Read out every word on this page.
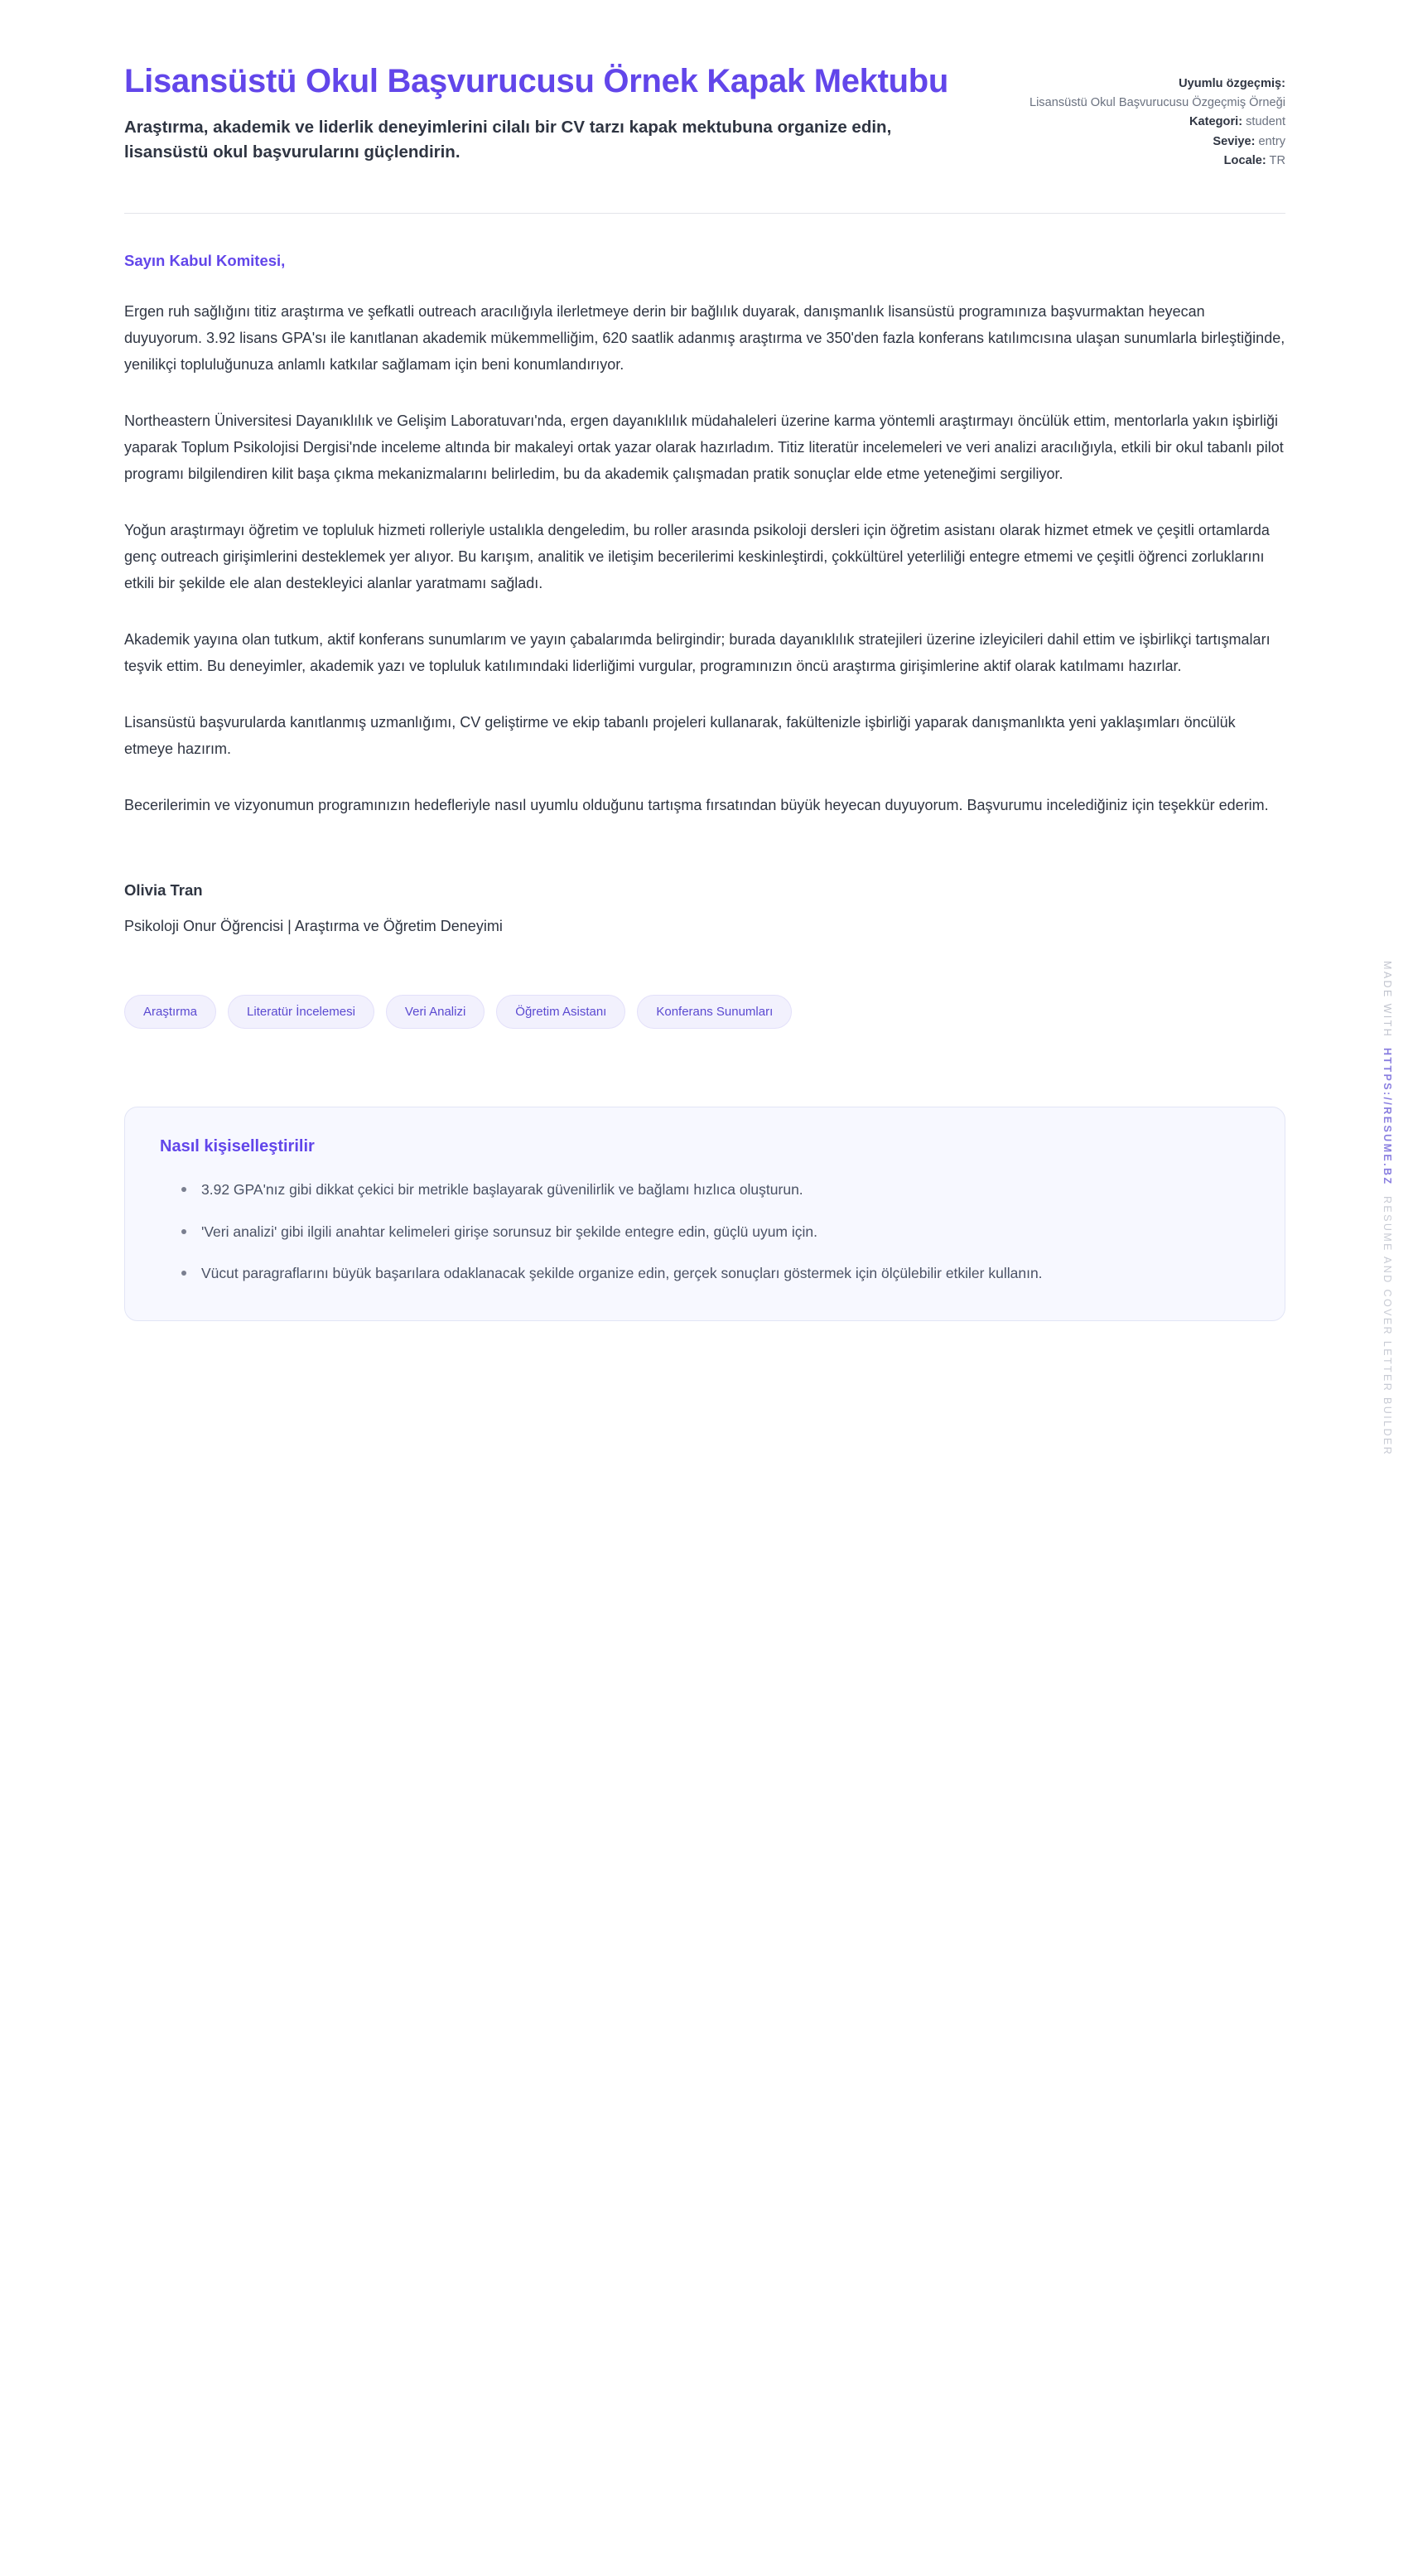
Lisansüstü Okul Başvurucusu Örnek Kapak Mektubu

Araştırma, akademik ve liderlik deneyimlerini cilalı bir CV tarzı kapak mektubuna organize edin, lisansüstü okul başvurularını güçlendirin.

Uyumlu özgeçmiş:
Lisansüstü Okul Başvurucusu Özgeçmiş Örneği
Kategori: student
Seviye: entry
Locale: TR

Sayın Kabul Komitesi,

Ergen ruh sağlığını titiz araştırma ve şefkatli outreach aracılığıyla ilerletmeye derin bir bağlılık duyarak, danışmanlık lisansüstü programınıza başvurmaktan heyecan duyuyorum. 3.92 lisans GPA'sı ile kanıtlanan akademik mükemmelliğim, 620 saatlik adanmış araştırma ve 350'den fazla konferans katılımcısına ulaşan sunumlarla birleştiğinde, yenilikçi topluluğunuza anlamlı katkılar sağlamam için beni konumlandırıyor.

Northeastern Üniversitesi Dayanıklılık ve Gelişim Laboratuvarı'nda, ergen dayanıklılık müdahaleleri üzerine karma yöntemli araştırmayı öncülük ettim, mentorlarla yakın işbirliği yaparak Toplum Psikolojisi Dergisi'nde inceleme altında bir makaleyi ortak yazar olarak hazırladım. Titiz literatür incelemeleri ve veri analizi aracılığıyla, etkili bir okul tabanlı pilot programı bilgilendiren kilit başa çıkma mekanizmalarını belirledim, bu da akademik çalışmadan pratik sonuçlar elde etme yeteneğimi sergiliyor.

Yoğun araştırmayı öğretim ve topluluk hizmeti rolleriyle ustalıkla dengeledim, bu roller arasında psikoloji dersleri için öğretim asistanı olarak hizmet etmek ve çeşitli ortamlarda genç outreach girişimlerini desteklemek yer alıyor. Bu karışım, analitik ve iletişim becerilerimi keskinleştirdi, çokkültürel yeterliliği entegre etmemi ve çeşitli öğrenci zorluklarını etkili bir şekilde ele alan destekleyici alanlar yaratmamı sağladı.

Akademik yayına olan tutkum, aktif konferans sunumlarım ve yayın çabalarımda belirgindir; burada dayanıklılık stratejileri üzerine izleyicileri dahil ettim ve işbirlikçi tartışmaları teşvik ettim. Bu deneyimler, akademik yazı ve topluluk katılımındaki liderliğimi vurgular, programınızın öncü araştırma girişimlerine aktif olarak katılmamı hazırlar.

Lisansüstü başvurularda kanıtlanmış uzmanlığımı, CV geliştirme ve ekip tabanlı projeleri kullanarak, fakültenizle işbirliği yaparak danışmanlıkta yeni yaklaşımları öncülük etmeye hazırım.

Becerilerimin ve vizyonumun programınızın hedefleriyle nasıl uyumlu olduğunu tartışma fırsatından büyük heyecan duyuyorum. Başvurumu incelediğiniz için teşekkür ederim.

Olivia Tran

Psikoloji Onur Öğrencisi | Araştırma ve Öğretim Deneyimi

Araştırma	Literatür İncelemesi	Veri Analizi	Öğretim Asistanı	Konferans Sunumları
Nasıl kişiselleştirilir
3.92 GPA'nız gibi dikkat çekici bir metrikle başlayarak güvenilirlik ve bağlamı hızlıca oluşturun.
'Veri analizi' gibi ilgili anahtar kelimeleri girişe sorunsuz bir şekilde entegre edin, güçlü uyum için.
Vücut paragraflarını büyük başarılara odaklanacak şekilde organize edin, gerçek sonuçları göstermek için ölçülebilir etkiler kullanın.
MADE WITH
HTTPS://RESUME.BZ
RESUME AND COVER LETTER BUILDER
